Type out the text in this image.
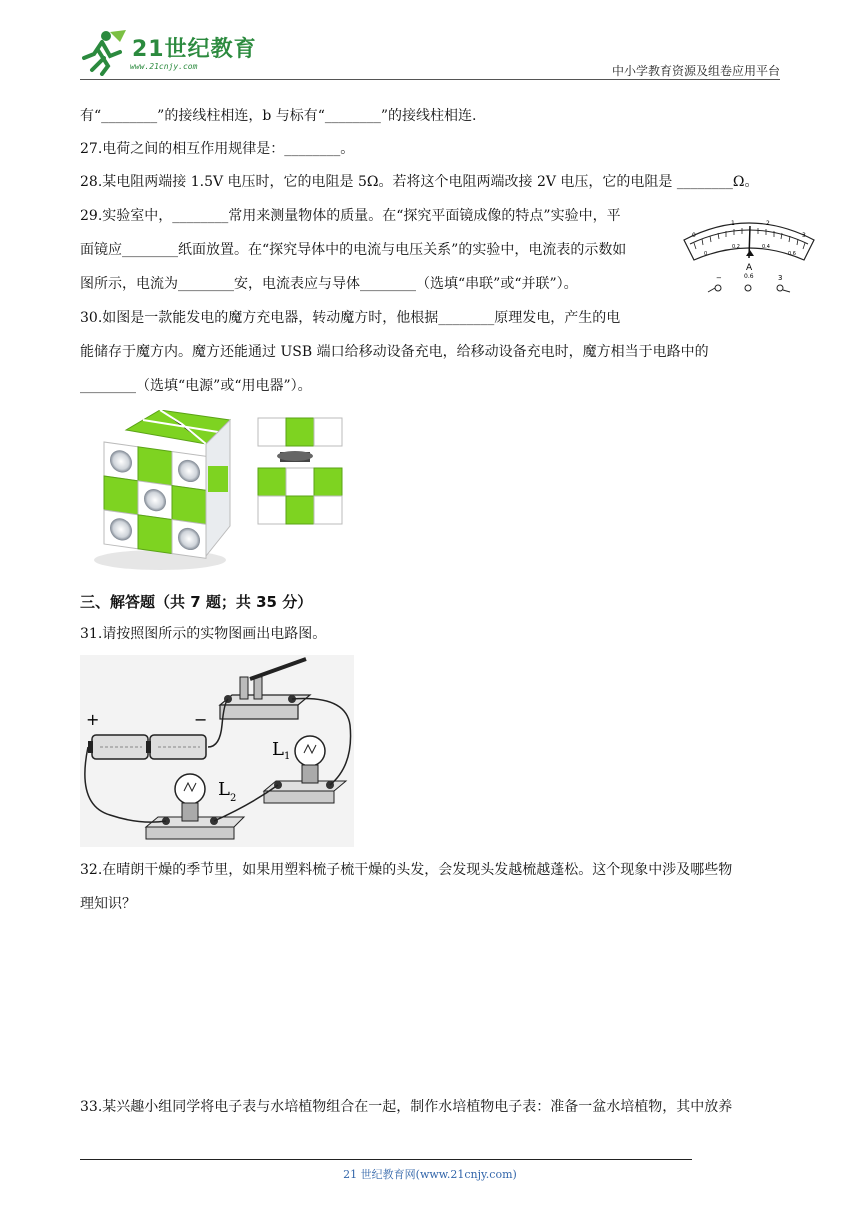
21世纪教育
www.21cnjy.com	中小学教育资源及组卷应用平台
有“________”的接线柱相连，b 与标有“________”的接线柱相连.
27.电荷之间的相互作用规律是：________。
28.某电阻两端接 1.5V 电压时，它的电阻是 5Ω。若将这个电阻两端改接 2V 电压，它的电阻是 ________Ω。
29.实验室中，________常用来测量物体的质量。在“探究平面镜成像的特点”实验中，平
面镜应________纸面放置。在“探究导体中的电流与电压关系”的实验中，电流表的示数如
图所示，电流为________安，电流表应与导体________（选填“串联”或“并联”）。
30.如图是一款能发电的魔方充电器，转动魔方时，他根据________原理发电，产生的电
能储存于魔方内。魔方还能通过 USB 端口给移动设备充电，给移动设备充电时，魔方相当于电路中的
________（选填“电源”或“用电器”）。
0
1	2
3
0
0.2	0.4
0.6
A
−	0.6	3
三、解答题（共 7 题；共 35 分）
31.请按照图所示的实物图画出电路图。
+	−
L 1
L 2
32.在晴朗干燥的季节里，如果用塑料梳子梳干燥的头发，会发现头发越梳越蓬松。这个现象中涉及哪些物
理知识？
33.某兴趣小组同学将电子表与水培植物组合在一起，制作水培植物电子表：准备一盆水培植物，其中放养
21 世纪教育网(www.21cnjy.com)
